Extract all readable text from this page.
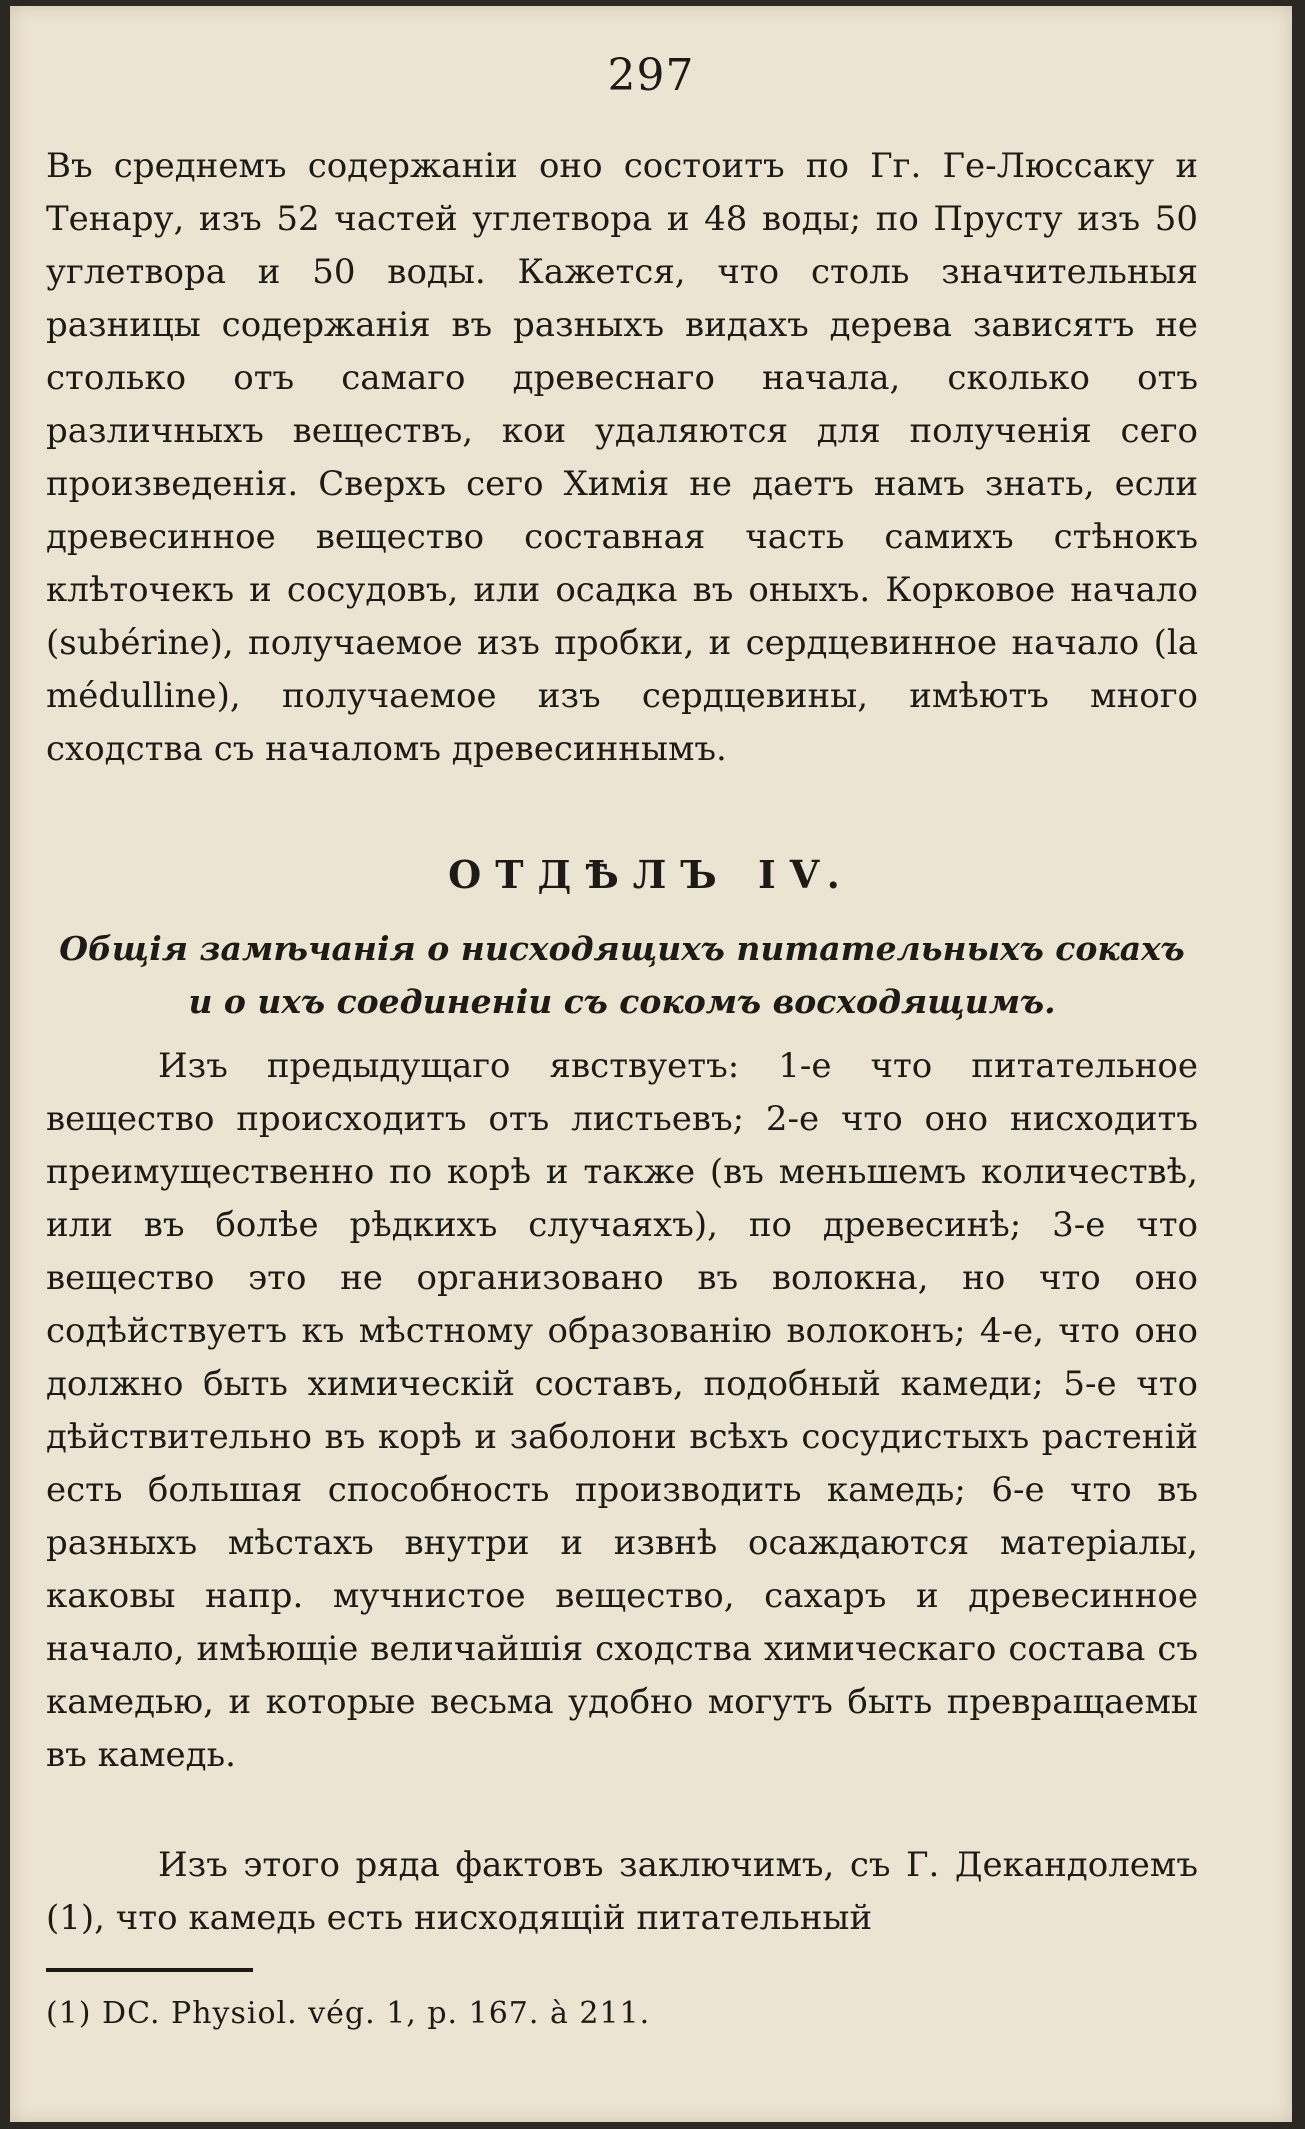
297
Въ среднемъ содержаніи оно состоитъ по Гг. Ге-Люссаку и Тенару, изъ 52 частей углетвора и 48 воды; по Прусту изъ 50 углетвора и 50 воды. Кажется, что столь значительныя разницы содержанія въ разныхъ видахъ дерева зависятъ не столько отъ самаго древеснаго начала, сколько отъ различныхъ веществъ, кои удаляются для полученія сего произведенія. Сверхъ сего Химія не даетъ намъ знать, если древесинное вещество составная часть самихъ стѣнокъ клѣточекъ и сосудовъ, или осадка въ оныхъ. Корковое начало (subérine), получаемое изъ пробки, и сердцевинное начало (la médulline), получаемое изъ сердцевины, имѣютъ много сходства съ началомъ древесиннымъ.
ОТДѢЛЪ IV.
Общія замѣчанія о нисходящихъ питательныхъ сокахъ и о ихъ соединеніи съ сокомъ восходящимъ.
Изъ предыдущаго явствуетъ: 1-е что питательное вещество происходитъ отъ листьевъ; 2-е что оно нисходитъ преимущественно по корѣ и также (въ меньшемъ количествѣ, или въ болѣе рѣдкихъ случаяхъ), по древесинѣ; 3-е что вещество это не организовано въ волокна, но что оно содѣйствуетъ къ мѣстному образованію волоконъ; 4-е, что оно должно быть химическій составъ, подобный камеди; 5-е что дѣйствительно въ корѣ и заболони всѣхъ сосудистыхъ растеній есть большая способность производить камедь; 6-е что въ разныхъ мѣстахъ внутри и извнѣ осаждаются матеріалы, каковы напр. мучнистое вещество, сахаръ и древесинное начало, имѣющіе величайшія сходства химическаго состава съ камедью, и которые весьма удобно могутъ быть превращаемы въ камедь.
Изъ этого ряда фактовъ заключимъ, съ Г. Декандолемъ (1), что камедь есть нисходящій питательный
(1) DC. Physiol. vég. 1, p. 167. à 211.
